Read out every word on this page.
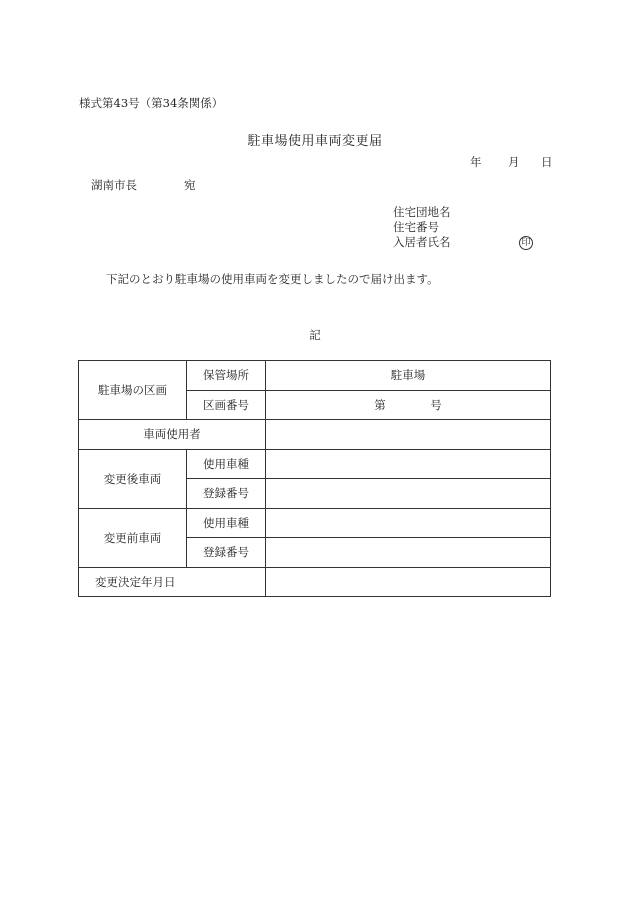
様式第43号（第34条関係）
駐車場使用車両変更届
年 月 日
湖南市長	宛
住宅団地名
住宅番号
入居者氏名	印
下記のとおり駐車場の使用車両を変更しましたので届け出ます。
記
駐車場の区画	保管場所	駐車場
	区画番号	第 号
車両使用者		
変更後車両	使用車種	
	登録番号	
変更前車両	使用車種	
	登録番号	
変更決定年月日		
